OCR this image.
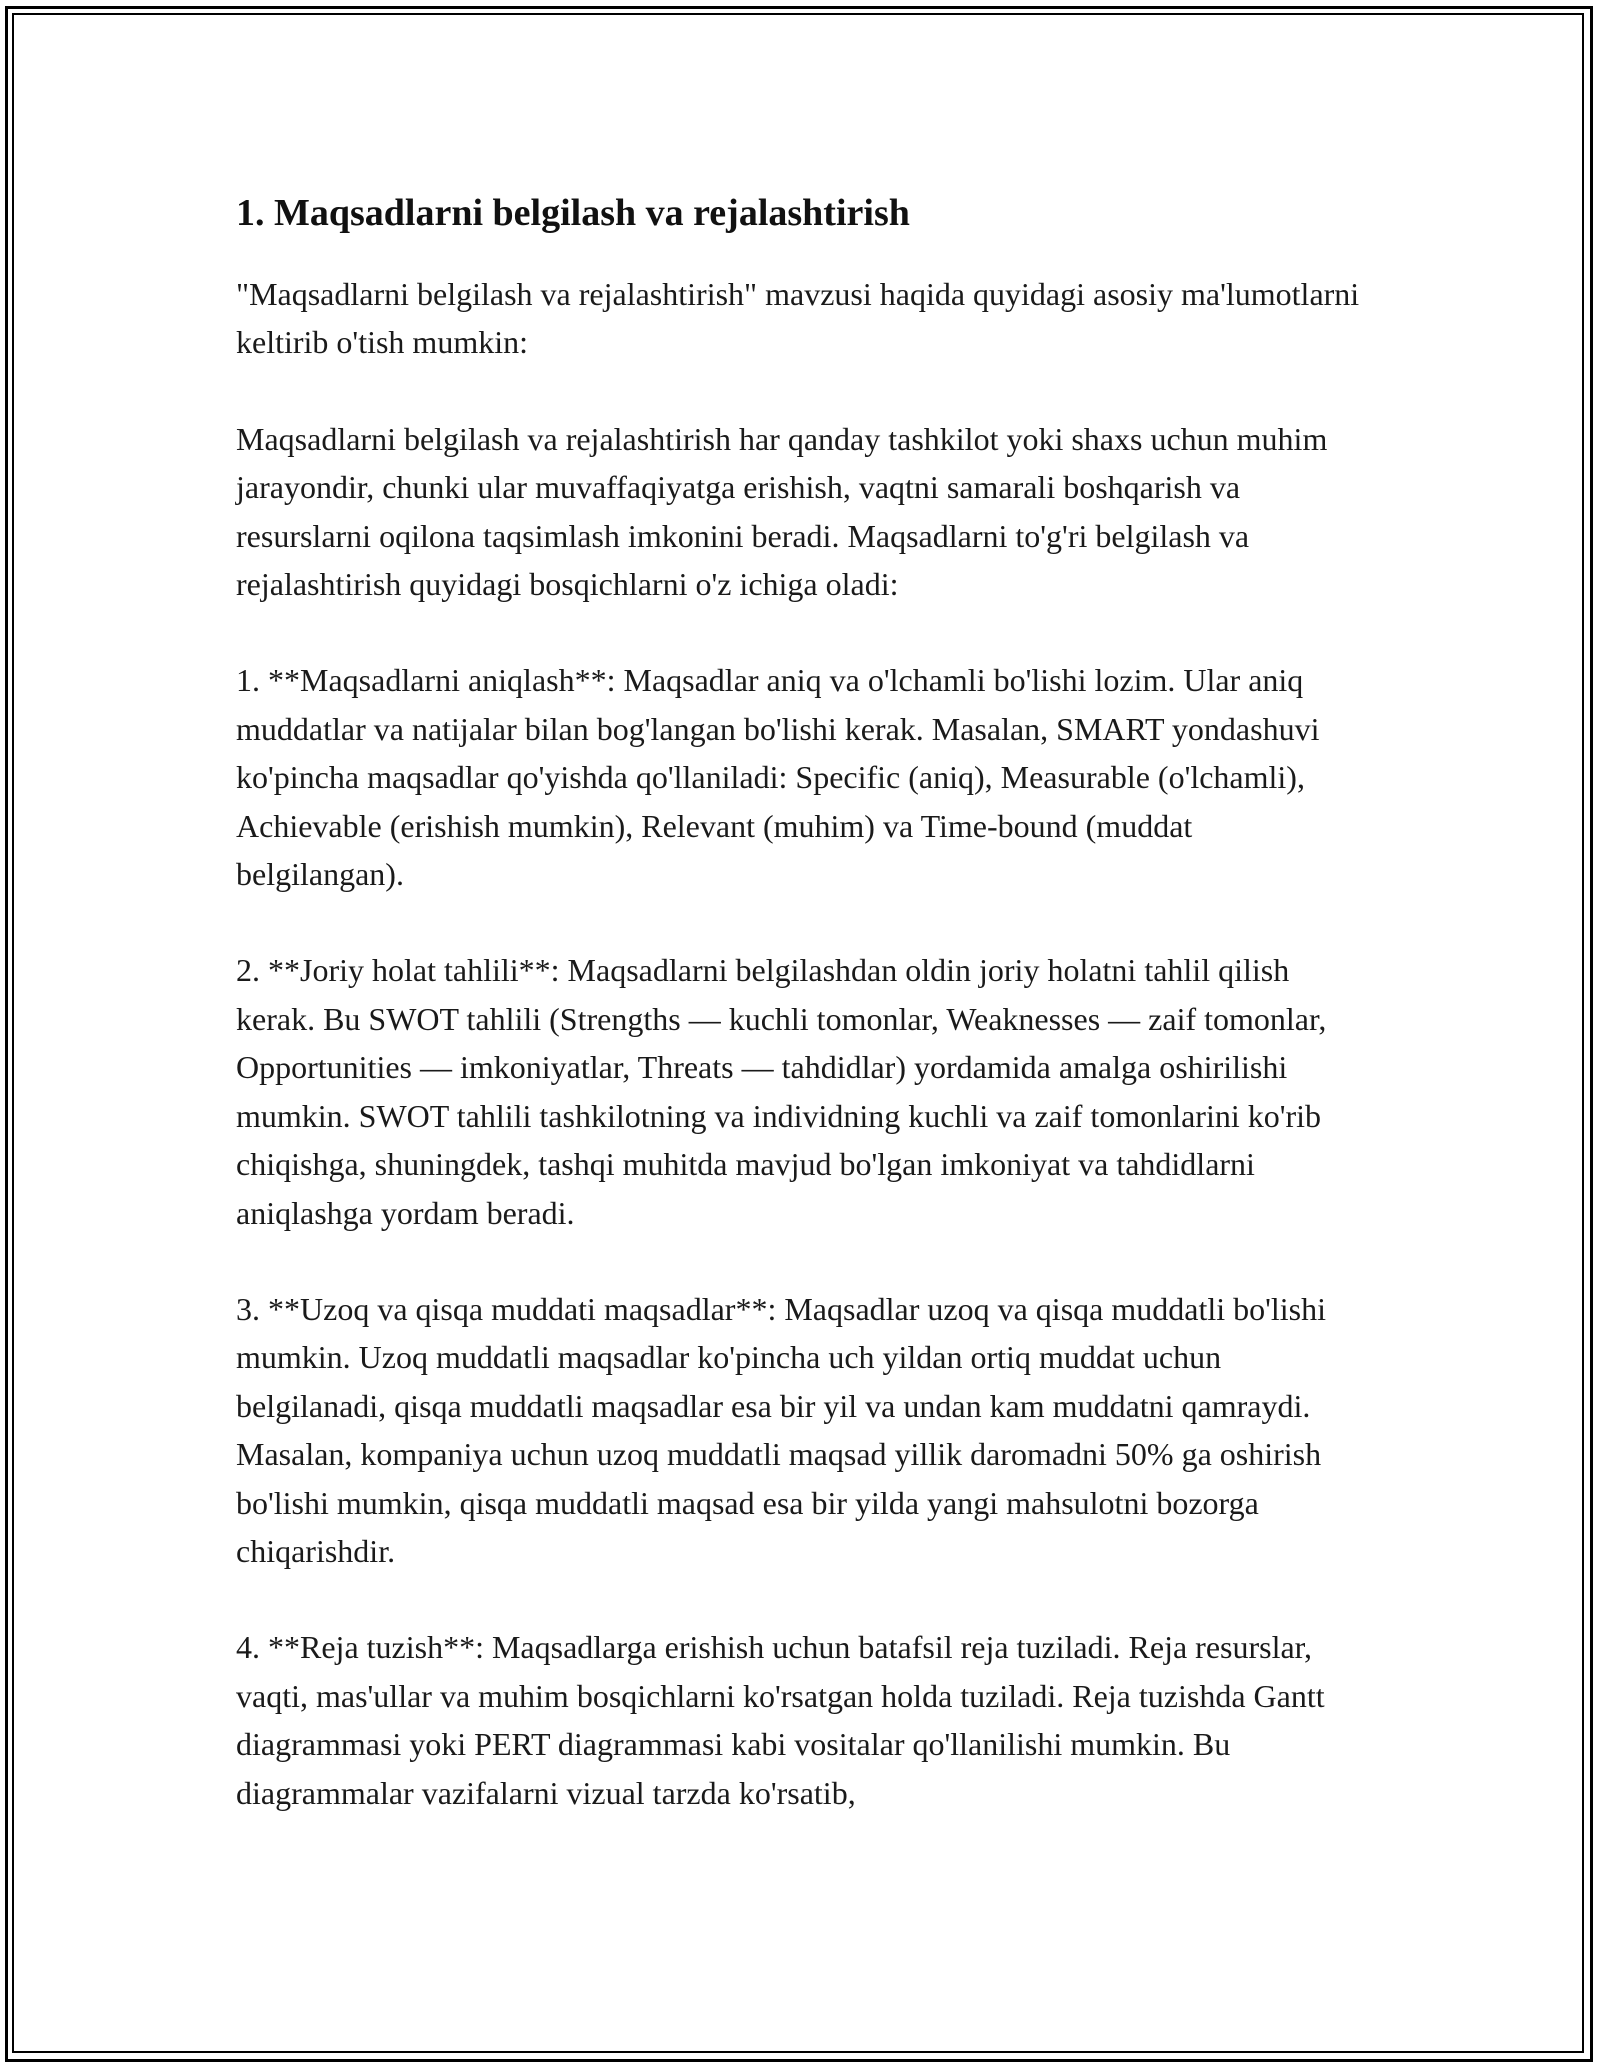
1. Maqsadlarni belgilash va rejalashtirish

"Maqsadlarni belgilash va rejalashtirish" mavzusi haqida quyidagi asosiy ma'lumotlarni keltirib o'tish mumkin:

Maqsadlarni belgilash va rejalashtirish har qanday tashkilot yoki shaxs uchun muhim jarayondir, chunki ular muvaffaqiyatga erishish, vaqtni samarali boshqarish va resurslarni oqilona taqsimlash imkonini beradi. Maqsadlarni to'g'ri belgilash va rejalashtirish quyidagi bosqichlarni o'z ichiga oladi:

1. **Maqsadlarni aniqlash**: Maqsadlar aniq va o'lchamli bo'lishi lozim. Ular aniq muddatlar va natijalar bilan bog'langan bo'lishi kerak. Masalan, SMART yondashuvi ko'pincha maqsadlar qo'yishda qo'llaniladi: Specific (aniq), Measurable (o'lchamli), Achievable (erishish mumkin), Relevant (muhim) va Time-bound (muddat belgilangan).

2. **Joriy holat tahlili**: Maqsadlarni belgilashdan oldin joriy holatni tahlil qilish kerak. Bu SWOT tahlili (Strengths — kuchli tomonlar, Weaknesses — zaif tomonlar, Opportunities — imkoniyatlar, Threats — tahdidlar) yordamida amalga oshirilishi mumkin. SWOT tahlili tashkilotning va individning kuchli va zaif tomonlarini ko'rib chiqishga, shuningdek, tashqi muhitda mavjud bo'lgan imkoniyat va tahdidlarni aniqlashga yordam beradi.

3. **Uzoq va qisqa muddati maqsadlar**: Maqsadlar uzoq va qisqa muddatli bo'lishi mumkin. Uzoq muddatli maqsadlar ko'pincha uch yildan ortiq muddat uchun belgilanadi, qisqa muddatli maqsadlar esa bir yil va undan kam muddatni qamraydi. Masalan, kompaniya uchun uzoq muddatli maqsad yillik daromadni 50% ga oshirish bo'lishi mumkin, qisqa muddatli maqsad esa bir yilda yangi mahsulotni bozorga chiqarishdir.

4. **Reja tuzish**: Maqsadlarga erishish uchun batafsil reja tuziladi. Reja resurslar, vaqti, mas'ullar va muhim bosqichlarni ko'rsatgan holda tuziladi. Reja tuzishda Gantt diagrammasi yoki PERT diagrammasi kabi vositalar qo'llanilishi mumkin. Bu diagrammalar vazifalarni vizual tarzda ko'rsatib,
